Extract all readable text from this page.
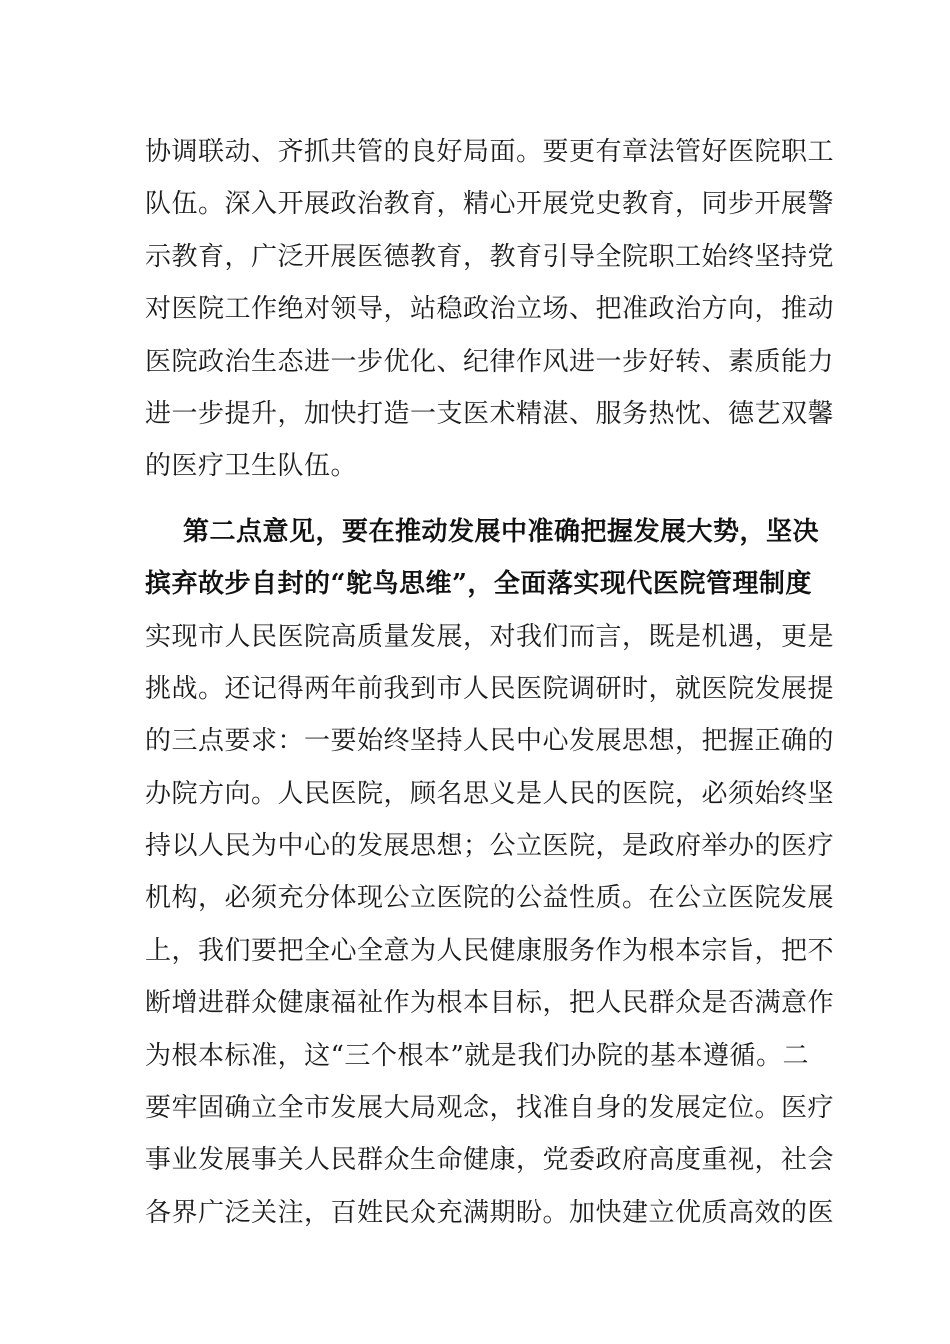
协调联动、齐抓共管的良好局面。要更有章法管好医院职工
队伍。深入开展政治教育，精心开展党史教育，同步开展警
示教育，广泛开展医德教育，教育引导全院职工始终坚持党
对医院工作绝对领导，站稳政治立场、把准政治方向，推动
医院政治生态进一步优化、纪律作风进一步好转、素质能力
进一步提升，加快打造一支医术精湛、服务热忱、德艺双馨
的医疗卫生队伍。
第二点意见，要在推动发展中准确把握发展大势，坚决
摈弃故步自封的“鸵鸟思维”，全面落实现代医院管理制度
实现市人民医院高质量发展，对我们而言，既是机遇，更是
挑战。还记得两年前我到市人民医院调研时，就医院发展提
的三点要求：一要始终坚持人民中心发展思想，把握正确的
办院方向。人民医院，顾名思义是人民的医院，必须始终坚
持以人民为中心的发展思想；公立医院，是政府举办的医疗
机构，必须充分体现公立医院的公益性质。在公立医院发展
上，我们要把全心全意为人民健康服务作为根本宗旨，把不
断增进群众健康福祉作为根本目标，把人民群众是否满意作
为根本标准，这“三个根本”就是我们办院的基本遵循。二
要牢固确立全市发展大局观念，找准自身的发展定位。医疗
事业发展事关人民群众生命健康，党委政府高度重视，社会
各界广泛关注，百姓民众充满期盼。加快建立优质高效的医
